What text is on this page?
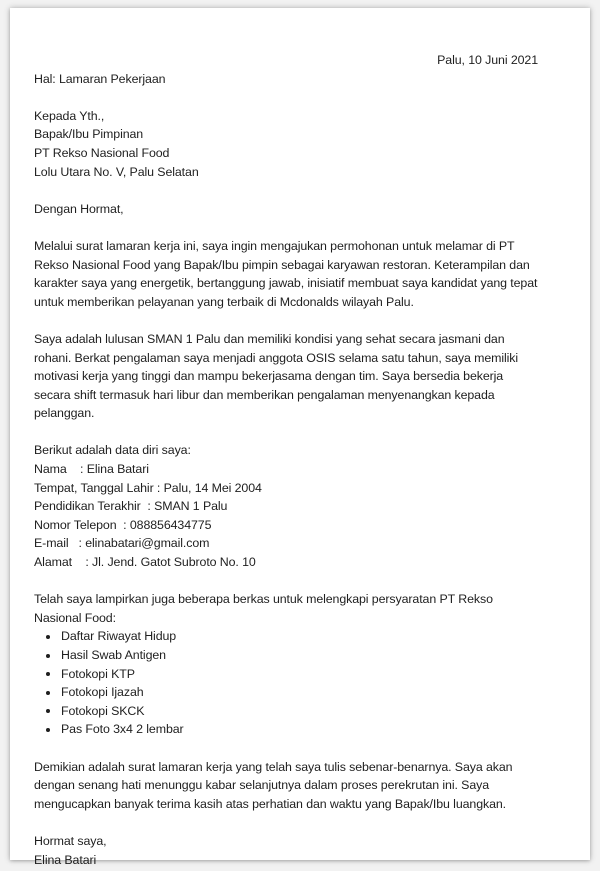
Palu, 10 Juni 2021
Hal: Lamaran Pekerjaan
Kepada Yth.,
Bapak/Ibu Pimpinan
PT Rekso Nasional Food
Lolu Utara No. V, Palu Selatan

Dengan Hormat,

Melalui surat lamaran kerja ini, saya ingin mengajukan permohonan untuk melamar di PT Rekso Nasional Food yang Bapak/Ibu pimpin sebagai karyawan restoran. Keterampilan dan karakter saya yang energetik, bertanggung jawab, inisiatif membuat saya kandidat yang tepat untuk memberikan pelayanan yang terbaik di Mcdonalds wilayah Palu.

Saya adalah lulusan SMAN 1 Palu dan memiliki kondisi yang sehat secara jasmani dan rohani. Berkat pengalaman saya menjadi anggota OSIS selama satu tahun, saya memiliki motivasi kerja yang tinggi dan mampu bekerjasama dengan tim. Saya bersedia bekerja secara shift termasuk hari libur dan memberikan pengalaman menyenangkan kepada pelanggan.

Berikut adalah data diri saya:
Nama    : Elina Batari
Tempat, Tanggal Lahir : Palu, 14 Mei 2004
Pendidikan Terakhir  : SMAN 1 Palu
Nomor Telepon  : 088856434775
E-mail   : elinabatari@gmail.com
Alamat    : Jl. Jend. Gatot Subroto No. 10
Telah saya lampirkan juga beberapa berkas untuk melengkapi persyaratan PT Rekso Nasional Food:
Daftar Riwayat Hidup
Hasil Swab Antigen
Fotokopi KTP
Fotokopi Ijazah
Fotokopi SKCK
Pas Foto 3x4 2 lembar

Demikian adalah surat lamaran kerja yang telah saya tulis sebenar-benarnya. Saya akan dengan senang hati menunggu kabar selanjutnya dalam proses perekrutan ini. Saya mengucapkan banyak terima kasih atas perhatian dan waktu yang Bapak/Ibu luangkan.

Hormat saya,
Elina Batari
